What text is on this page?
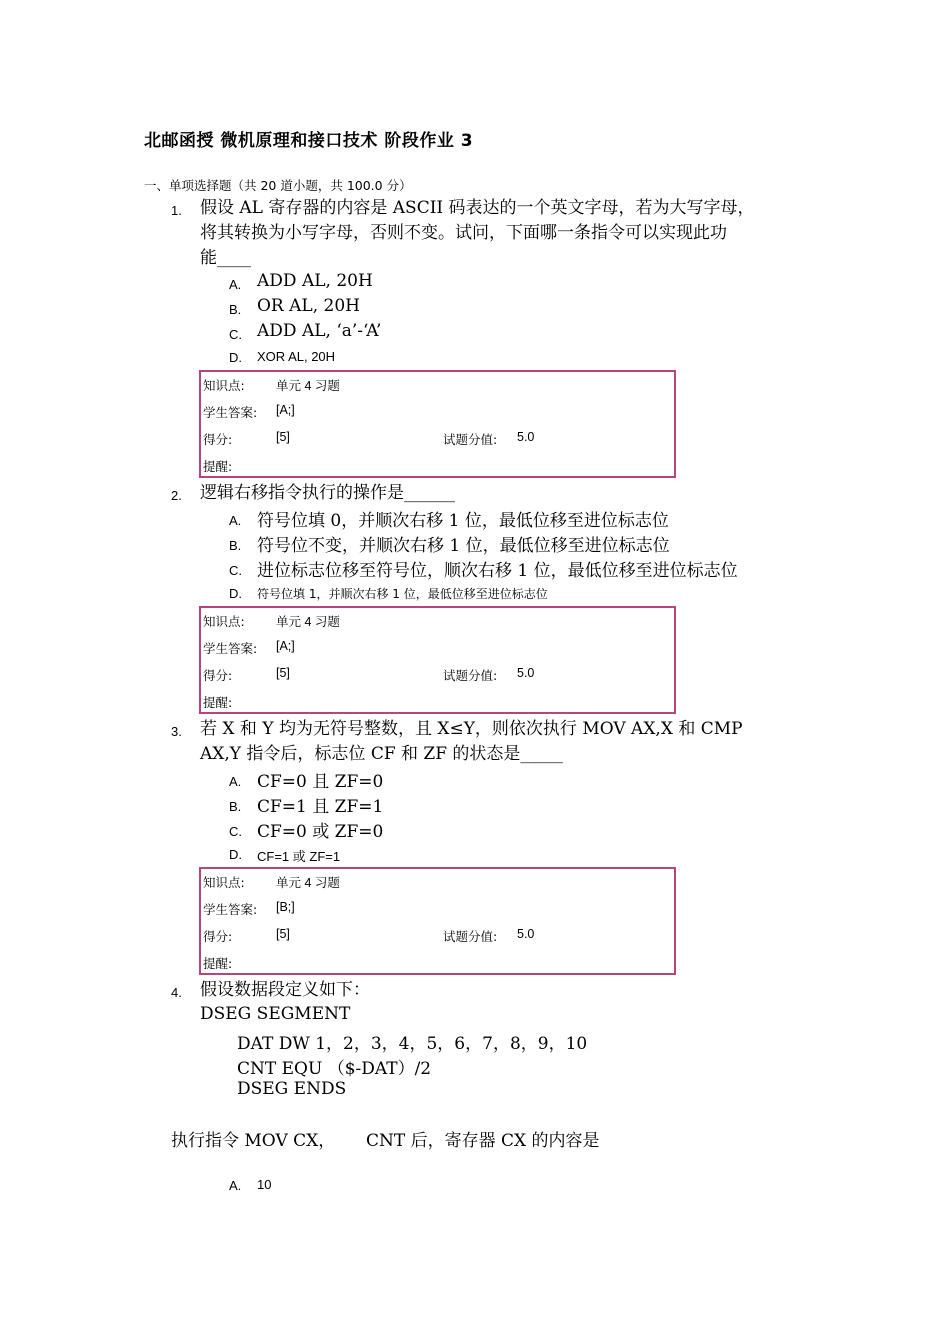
北邮函授 微机原理和接口技术 阶段作业 3
一、单项选择题（共 20 道小题，共 100.0 分）
1. 假设 AL 寄存器的内容是 ASCII 码表达的一个英文字母，若为大写字母，
将其转换为小写字母，否则不变。试问，下面哪一条指令可以实现此功
能____
A. ADD AL, 20H
B. OR AL, 20H
C. ADD AL, ‘a’-‘A’
D. XOR AL, 20H
知识点:	单元 4 习题
学生答案: [A;]
得分:	[5]	试题分值: 5.0
提醒:
2. 逻辑右移指令执行的操作是______
A. 符号位填 0，并顺次右移 1 位，最低位移至进位标志位
B. 符号位不变，并顺次右移 1 位，最低位移至进位标志位
C. 进位标志位移至符号位，顺次右移 1 位，最低位移至进位标志位
D. 符号位填 1，并顺次右移 1 位，最低位移至进位标志位
知识点:	单元 4 习题
学生答案: [A;]
得分:	[5]	试题分值: 5.0
提醒:
3. 若 X 和 Y 均为无符号整数，且 X≤Y，则依次执行 MOV AX,X 和 CMP
AX,Y 指令后，标志位 CF 和 ZF 的状态是_____
A. CF=0 且 ZF=0
B. CF=1 且 ZF=1
C. CF=0 或 ZF=0
D. CF=1 或 ZF=1
知识点:	单元 4 习题
学生答案: [B;]
得分:	[5]	试题分值: 5.0
提醒:
4. 假设数据段定义如下：
DSEG SEGMENT
DAT DW 1，2，3，4，5，6，7，8，9，10
CNT EQU （$-DAT）/2
DSEG ENDS
执行指令 MOV CX， CNT 后，寄存器 CX 的内容是
A. 10
